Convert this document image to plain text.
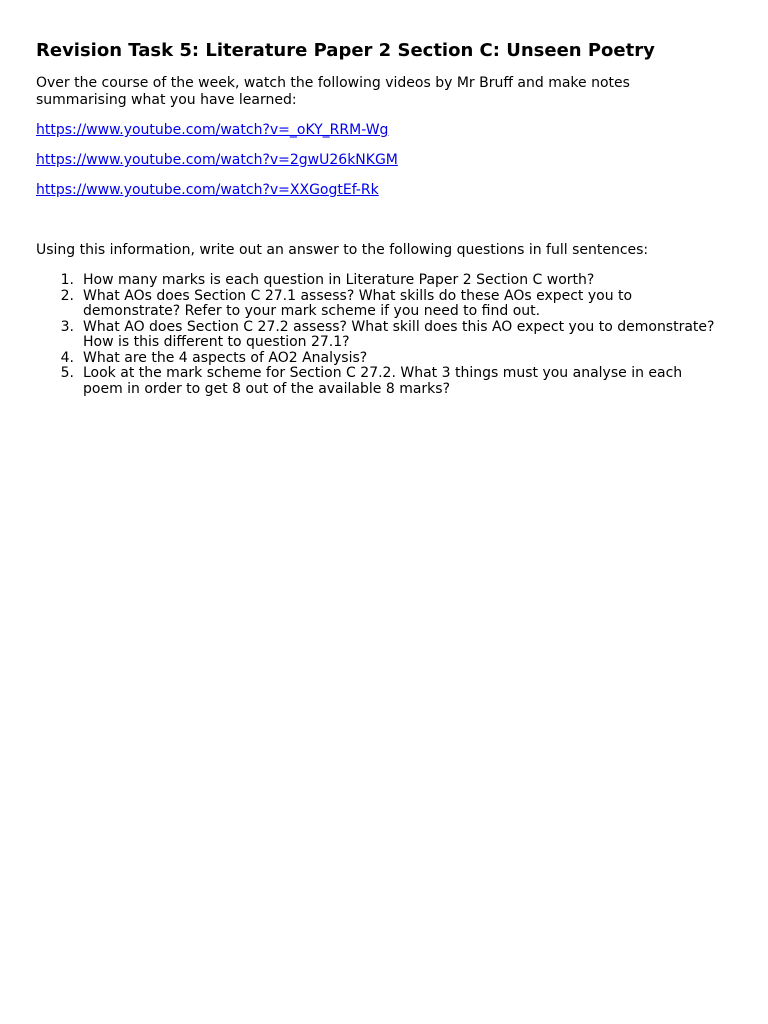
Revision Task 5: Literature Paper 2 Section C: Unseen Poetry

Over the course of the week, watch the following videos by Mr Bruff and make notes
summarising what you have learned:

https://www.youtube.com/watch?v=_oKY_RRM-Wg
https://www.youtube.com/watch?v=2gwU26kNKGM
https://www.youtube.com/watch?v=XXGogtEf-Rk

Using this information, write out an answer to the following questions in full sentences:

1. How many marks is each question in Literature Paper 2 Section C worth?
2. What AOs does Section C 27.1 assess? What skills do these AOs expect you to
demonstrate? Refer to your mark scheme if you need to find out.
3. What AO does Section C 27.2 assess? What skill does this AO expect you to demonstrate?
How is this different to question 27.1?
4. What are the 4 aspects of AO2 Analysis?
5. Look at the mark scheme for Section C 27.2. What 3 things must you analyse in each
poem in order to get 8 out of the available 8 marks?
